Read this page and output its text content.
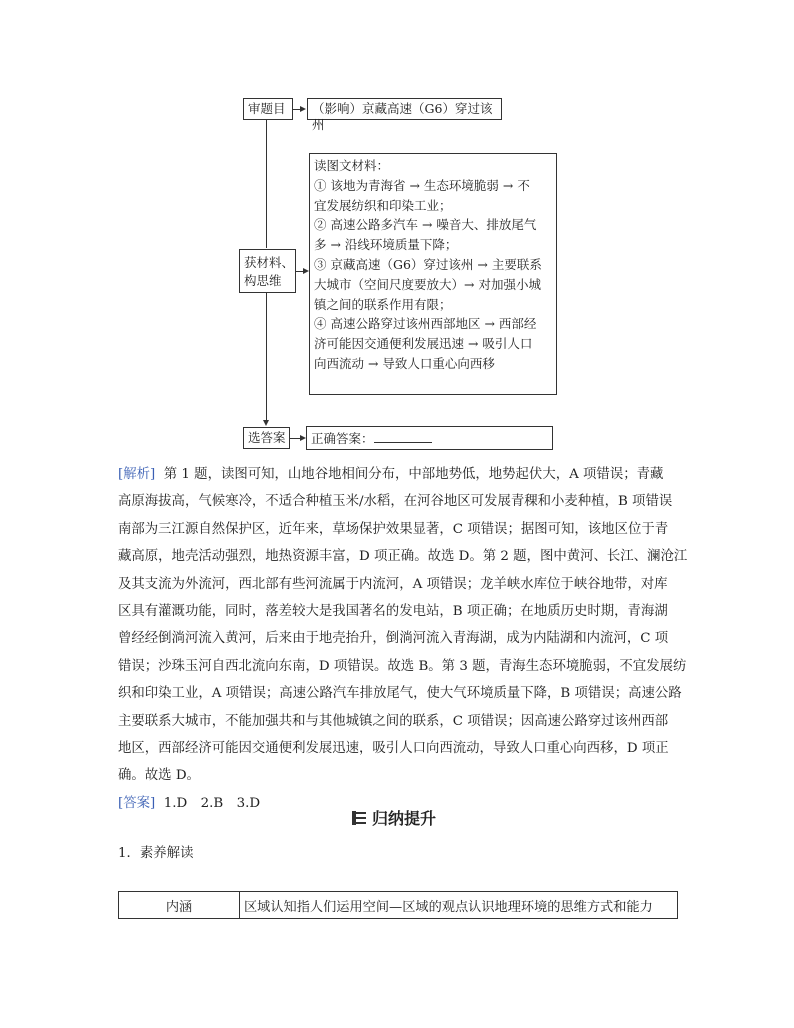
审题目	（影响）京藏高速（G6）穿过该州
获材料、
构思维
读图文材料：
① 该地为青海省 → 生态环境脆弱 → 不
宜发展纺织和印染工业；
② 高速公路多汽车 → 噪音大、排放尾气
多 → 沿线环境质量下降；
③ 京藏高速（G6）穿过该州 → 主要联系
大城市（空间尺度要放大）→ 对加强小城
镇之间的联系作用有限；
④ 高速公路穿过该州西部地区 → 西部经
济可能因交通便利发展迅速 → 吸引人口
向西流动 → 导致人口重心向西移
选答案	正确答案：
[解析] 第 1 题，读图可知，山地谷地相间分布，中部地势低，地势起伏大，A 项错误；青藏
高原海拔高，气候寒冷，不适合种植玉米/水稻，在河谷地区可发展青稞和小麦种植，B 项错误
南部为三江源自然保护区，近年来，草场保护效果显著，C 项错误；据图可知，该地区位于青
藏高原，地壳活动强烈，地热资源丰富，D 项正确。故选 D。第 2 题，图中黄河、长江、澜沧江
及其支流为外流河，西北部有些河流属于内流河，A 项错误；龙羊峡水库位于峡谷地带，对库
区具有灌溉功能，同时，落差较大是我国著名的发电站，B 项正确；在地质历史时期，青海湖
曾经经倒淌河流入黄河，后来由于地壳抬升，倒淌河流入青海湖，成为内陆湖和内流河，C 项
错误；沙珠玉河自西北流向东南，D 项错误。故选 B。第 3 题，青海生态环境脆弱，不宜发展纺
织和印染工业，A 项错误；高速公路汽车排放尾气，使大气环境质量下降，B 项错误；高速公路
主要联系大城市，不能加强共和与其他城镇之间的联系，C 项错误；因高速公路穿过该州西部
地区，西部经济可能因交通便利发展迅速，吸引人口向西流动，导致人口重心向西移，D 项正
确。故选 D。
[答案] 1.D　2.B　3.D
归纳提升
1．素养解读
内涵	区域认知指人们运用空间—区域的观点认识地理环境的思维方式和能力
